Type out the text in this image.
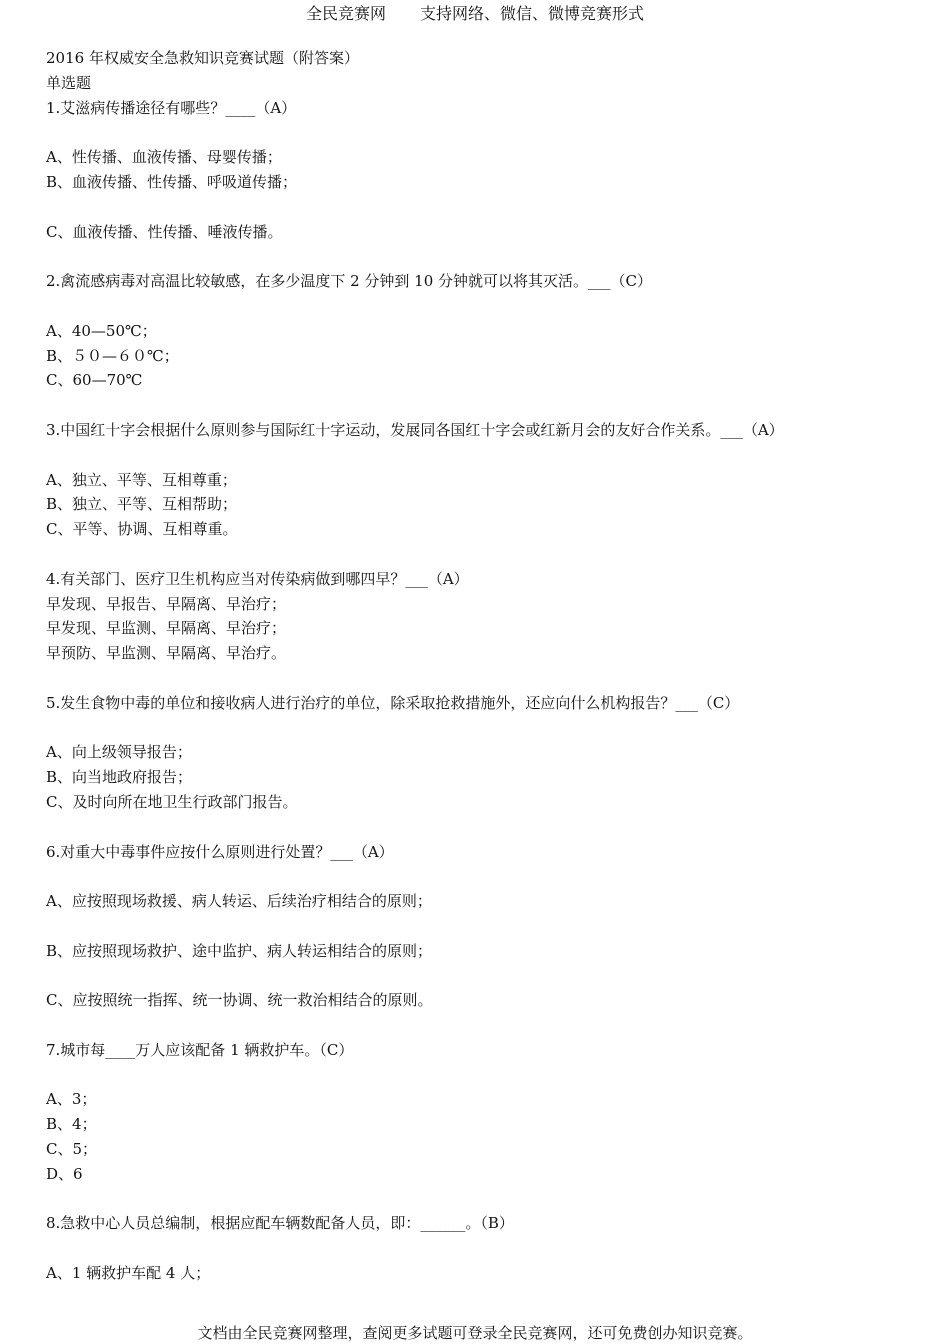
全民竞赛网 支持网络、微信、微博竞赛形式
2016 年权威安全急救知识竞赛试题（附答案）
单选题
1.艾滋病传播途径有哪些？____（A）
A、性传播、血液传播、母婴传播；
B、血液传播、性传播、呼吸道传播；
C、血液传播、性传播、唾液传播。
2.禽流感病毒对高温比较敏感，在多少温度下 2 分钟到 10 分钟就可以将其灭活。___（C）
A、40—50℃；
B、５０—６０℃；
C、60—70℃
3.中国红十字会根据什么原则参与国际红十字运动，发展同各国红十字会或红新月会的友好合作关系。___（A）
A、独立、平等、互相尊重；
B、独立、平等、互相帮助；
C、平等、协调、互相尊重。
4.有关部门、医疗卫生机构应当对传染病做到哪四早？___（A）
早发现、早报告、早隔离、早治疗；
早发现、早监测、早隔离、早治疗；
早预防、早监测、早隔离、早治疗。
5.发生食物中毒的单位和接收病人进行治疗的单位，除采取抢救措施外，还应向什么机构报告？___（C）
A、向上级领导报告；
B、向当地政府报告；
C、及时向所在地卫生行政部门报告。
6.对重大中毒事件应按什么原则进行处置？___（A）
A、应按照现场救援、病人转运、后续治疗相结合的原则；
B、应按照现场救护、途中监护、病人转运相结合的原则；
C、应按照统一指挥、统一协调、统一救治相结合的原则。
7.城市每____万人应该配备 1 辆救护车。（C）
A、3；
B、4；
C、5；
D、6
8.急救中心人员总编制，根据应配车辆数配备人员，即：______。（B）
A、1 辆救护车配 4 人；
文档由全民竞赛网整理，查阅更多试题可登录全民竞赛网，还可免费创办知识竞赛。
